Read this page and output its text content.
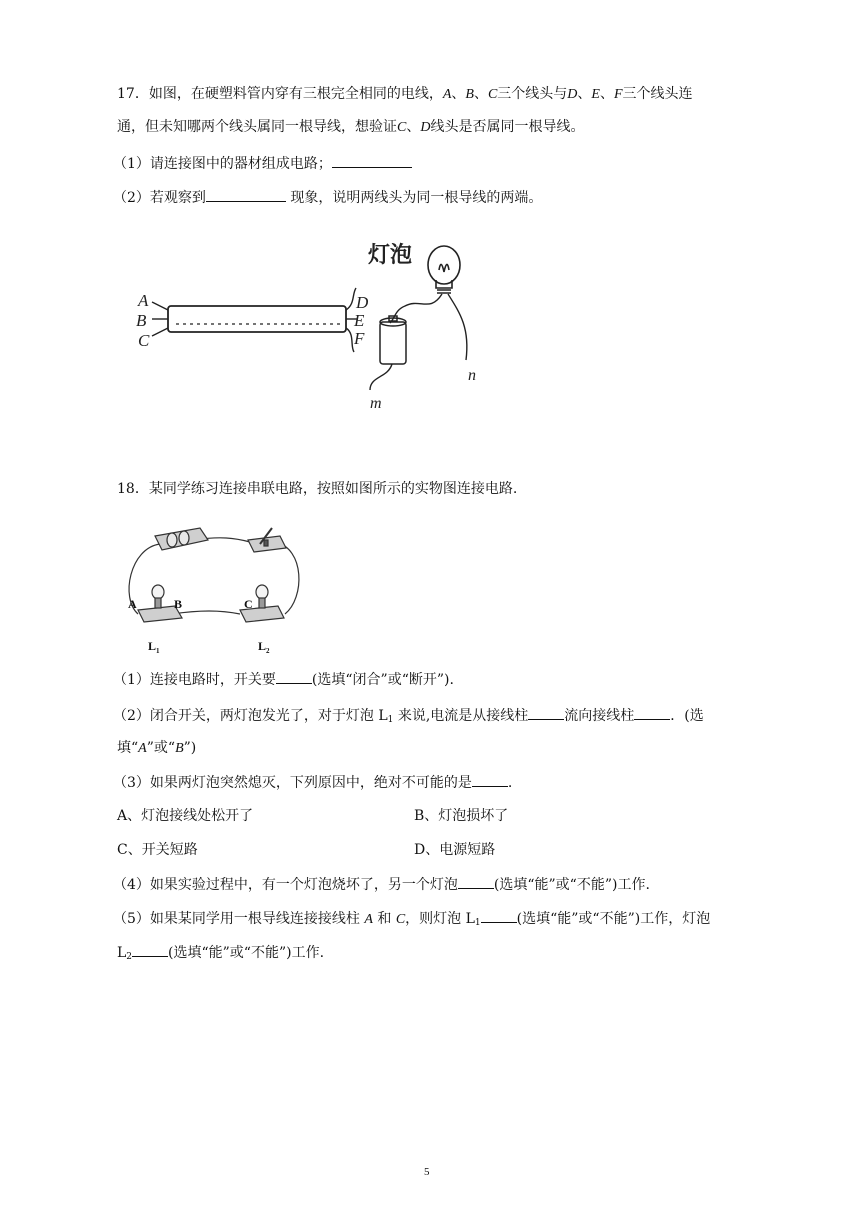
17．如图，在硬塑料管内穿有三根完全相同的电线，A、B、C三个线头与D、E、F三个线头连
通，但未知哪两个线头属同一根导线，想验证C、D线头是否属同一根导线。
（1）请连接图中的器材组成电路；
（2）若观察到	现象，说明两线头为同一根导线的两端。
灯泡
n
m
A
B
C
D
E
F
18．某同学练习连接串联电路，按照如图所示的实物图连接电路.
A	B	C
$L_1$	$L_2$
（1）连接电路时，开关要	(选填“闭合”或“断开”).
（2）闭合开关，两灯泡发光了，对于灯泡 $L_1$ 来说,电流是从接线柱	流向接线柱	．(选
填“A”或“B”)
（3）如果两灯泡突然熄灭，下列原因中，绝对不可能的是	.
A、灯泡接线处松开了	B、灯泡损坏了
C、开关短路	D、电源短路
（4）如果实验过程中，有一个灯泡烧坏了，另一个灯泡	(选填“能”或“不能”)工作.
（5）如果某同学用一根导线连接接线柱 A 和 C，则灯泡 $L_1$	(选填“能”或“不能”)工作，灯泡
$L_2$	(选填“能”或“不能”)工作.
5
